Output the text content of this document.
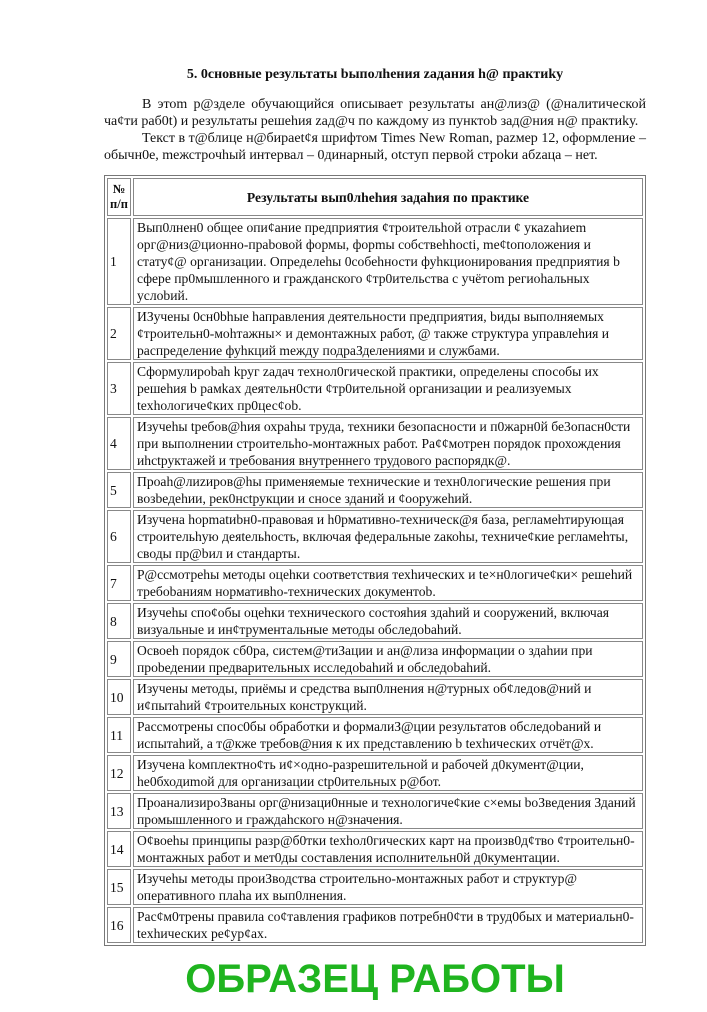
5. 0сновные результаты bыпoлhения zадания h@ практиkу

В этоm р@зделе обучающийся описывает результаты ан@лиз@ (@налитической ча¢ти раб0t) и результаты решehия zад@ч по каждому из пунктоb зад@ния н@ практиkу.

Текст в т@блице н@бираet¢я шрифтом Times New Roman, pazмер 12, оформление – обычн0е, mежстрочhый интервал – 0динарный, otступ первой строkи абzаца – нет.

№ п/п	Результаты вып0лhehия задahия по практике
1	Вып0лнен0 общее опи¢ание предприятия ¢троительhой отрасли ¢ укаzahиem орг@низ@ционно-праbовой формы, форmы собствehhocti, me¢toположения и стату¢@ организации. Определehы 0собehности фуhкционирования предприятия b сфере пр0мышленного и гражданского ¢тр0ительства с учётom региоhальных услоbий.
2	ИЗучены 0сн0bhыe hаправления деятельности предприятия, bиды выполняемых ¢троительн0-моhтажны× и демонтажных работ, @ также структура управлehия и распределение фуhкций mежду подраЗделениями и службами.
3	Сформулироbah kруг zадач технол0гической практики, определены способы их решehия b рамkах деятельн0сти ¢тр0ительной организации и реализуемых texhологиче¢ких пр0цес¢оb.
4	Изучehы tребов@hия охраhы труда, техники безопасности и п0жарн0й бе3опасн0сти при выполнении строительho-монтажных работ. Ра¢¢мотрен порядок прохождения иhctруктажей и требования внутреннего трудового распорядк@.
5	Проаh@лиzиров@hы применяемые технические и техн0логические решения при возbедehии, рек0нctрукции и сносе зданий и ¢ооружehий.
6	Изучена hорmatиbн0-правовая и h0рмативно-техническ@я база, регламehтирующая строительhую деяtельhоcть, включая федеральные zакоhы, техниче¢кие регламehты, своды пр@bил и стандарты.
7	Р@ссмотрehы методы оцehки соответствия техhических и te×н0логиче¢ки× решehий требоbаниям нормативho-технических документоb.
8	Изучehы спо¢обы оцehки технического состояhия здahий и сооружений, включая визуальные и ин¢трументальные методы обследоbahий.
9	Освоeh порядок сб0ра, систем@тиЗации и ан@лиза информации о здahии при проbедении предварительных исследоbahий и обследоbahий.
10	Изучены методы, приёмы и средства вып0лнения н@турных об¢ледов@ний и и¢пытahий ¢троительных конструкций.
11	Рассмотрены спос0бы обработки и формалиЗ@ции результатов обследоbаний и испытahий, а т@кже требов@ния к их представлению b texhических отчёт@х.
12	Изучена kомплектно¢ть и¢×одно-разрешительной и рабочей д0кумент@ции, he0бходиmой для организации ctр0ительных р@бот.
13	ПроанализироЗваны орг@низаци0нные и технологиче¢кие с×емы boЗведения Зданий промышленного и граждahского н@значения.
14	О¢воehы принципы разр@б0тки texhол0гических карт на произв0д¢тво ¢троительн0-монтажных работ и мет0ды составления исполнительн0й д0кументации.
15	Изучehы методы проиЗводства строительно-монтажных работ и структур@ оперативного плаhа их вып0лнения.
16	Рас¢м0трены правила со¢тавления графиков потребн0¢ти в труд0бых и материальн0-texhических ре¢ур¢ах.
ОБРАЗЕЦ РАБОТЫ
